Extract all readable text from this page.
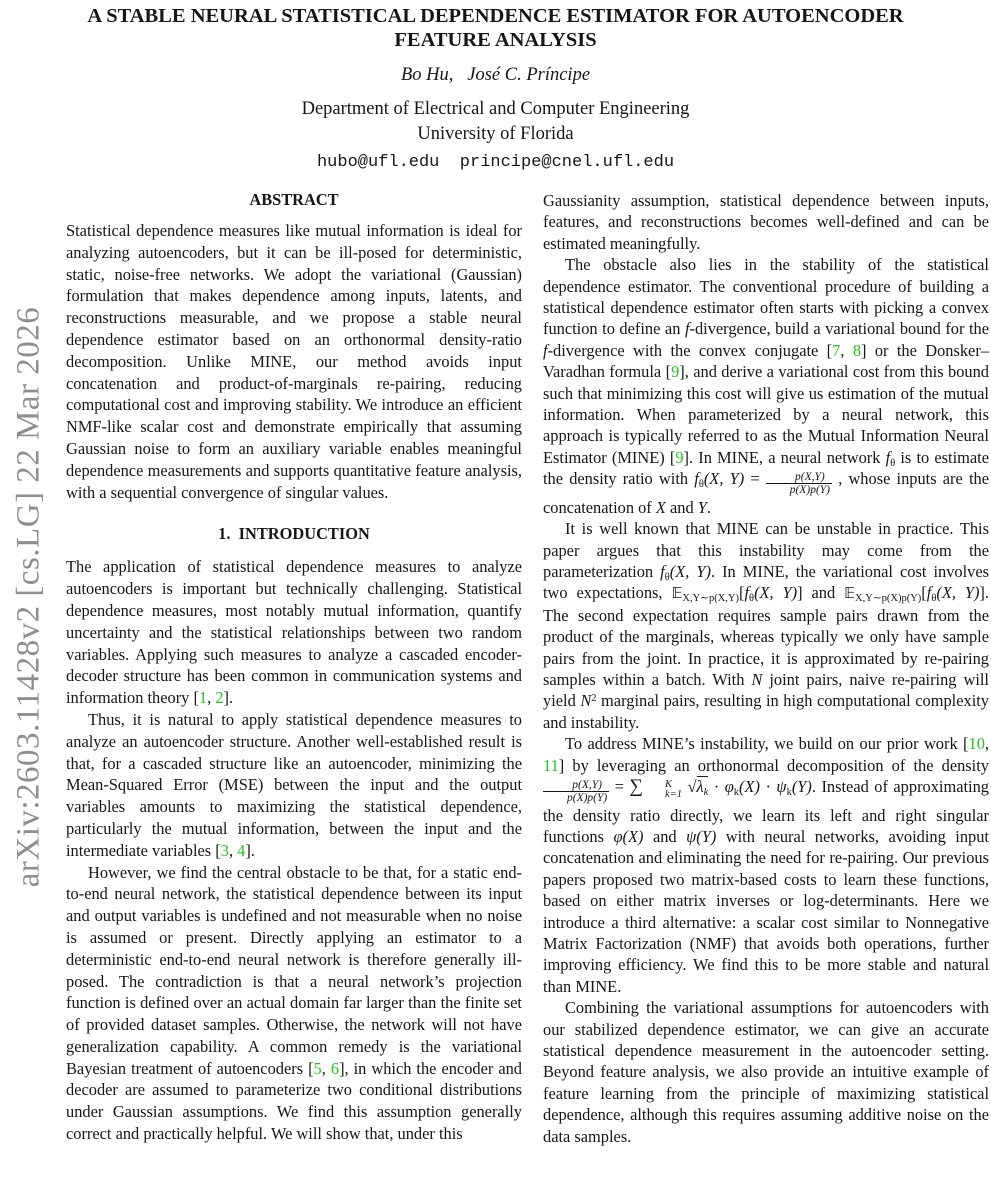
arXiv:2603.11428v2 [cs.LG] 22 Mar 2026
A STABLE NEURAL STATISTICAL DEPENDENCE ESTIMATOR FOR AUTOENCODER
FEATURE ANALYSIS
Bo Hu,   José C. Príncipe
Department of Electrical and Computer Engineering
University of Florida
hubo@ufl.edu  principe@cnel.ufl.edu
ABSTRACT

Statistical dependence measures like mutual information is ideal for analyzing autoencoders, but it can be ill-posed for deterministic, static, noise-free networks. We adopt the variational (Gaussian) formulation that makes dependence among inputs, latents, and reconstructions measurable, and we propose a stable neural dependence estimator based on an orthonormal density-ratio decomposition. Unlike MINE, our method avoids input concatenation and product-of-marginals re-pairing, reducing computational cost and improving stability. We introduce an efficient NMF-like scalar cost and demonstrate empirically that assuming Gaussian noise to form an auxiliary variable enables meaningful dependence measurements and supports quantitative feature analysis, with a sequential convergence of singular values.

1.  INTRODUCTION

The application of statistical dependence measures to analyze autoencoders is important but technically challenging. Statistical dependence measures, most notably mutual information, quantify uncertainty and the statistical relationships between two random variables. Applying such measures to analyze a cascaded encoder-decoder structure has been common in communication systems and information theory [1, 2].

Thus, it is natural to apply statistical dependence measures to analyze an autoencoder structure. Another well-established result is that, for a cascaded structure like an autoencoder, minimizing the Mean-Squared Error (MSE) between the input and the output variables amounts to maximizing the statistical dependence, particularly the mutual information, between the input and the intermediate variables [3, 4].

However, we find the central obstacle to be that, for a static end-to-end neural network, the statistical dependence between its input and output variables is undefined and not measurable when no noise is assumed or present. Directly applying an estimator to a deterministic end-to-end neural network is therefore generally ill-posed. The contradiction is that a neural network’s projection function is defined over an actual domain far larger than the finite set of provided dataset samples. Otherwise, the network will not have generalization capability. A common remedy is the variational Bayesian treatment of autoencoders [5, 6], in which the encoder and decoder are assumed to parameterize two conditional distributions under Gaussian assumptions. We find this assumption generally correct and practically helpful. We will show that, under this

Gaussianity assumption, statistical dependence between inputs, features, and reconstructions becomes well-defined and can be estimated meaningfully.

The obstacle also lies in the stability of the statistical dependence estimator. The conventional procedure of building a statistical dependence estimator often starts with picking a convex function to define an f-divergence, build a variational bound for the f-divergence with the convex conjugate [7, 8] or the Donsker–Varadhan formula [9], and derive a variational cost from this bound such that minimizing this cost will give us estimation of the mutual information. When parameterized by a neural network, this approach is typically referred to as the Mutual Information Neural Estimator (MINE) [9]. In MINE, a neural network $f_\theta$ is to estimate the density ratio with $f_\theta(X$, $Y) = \frac{p(X,Y)}{p(X)p(Y)}$ , whose inputs are the concatenation of X and Y.

It is well known that MINE can be unstable in practice. This paper argues that this instability may come from the parameterization $f_\theta(X$, Y). In MINE, the variational cost involves two expectations, $𝔼_{X,Y\sim p(X,Y)}[f_\theta(X$, Y)] and $𝔼_{X,Y\sim p(X)p(Y)}[f_\theta(X$, Y)]. The second expectation requires sample pairs drawn from the product of the marginals, whereas typically we only have sample pairs from the joint. In practice, it is approximated by re-pairing samples within a batch. With N joint pairs, naive re-pairing will yield $N^2$ marginal pairs, resulting in high computational complexity and instability.

To address MINE’s instability, we build on our prior work [10, 11] by leveraging an orthonormal decomposition of the density
$\frac{p(X,Y)}{p(X)p(Y)}$ = ∑	K
k=1 $√\lambda_k \cdot \varphi_k(X) \cdot \psi_k(Y)$. Instead of approximating the density ratio directly, we learn its left and right singular functions φ(X) and ψ(Y) with neural networks, avoiding input concatenation and eliminating the need for re-pairing. Our previous papers proposed two matrix-based costs to learn these functions, based on either matrix inverses or log-determinants. Here we introduce a third alternative: a scalar cost similar to Nonnegative Matrix Factorization (NMF) that avoids both operations, further improving efficiency. We find this to be more stable and natural than MINE.

Combining the variational assumptions for autoencoders with our stabilized dependence estimator, we can give an accurate statistical dependence measurement in the autoencoder setting. Beyond feature analysis, we also provide an intuitive example of feature learning from the principle of maximizing statistical dependence, although this requires assuming additive noise on the data samples.
